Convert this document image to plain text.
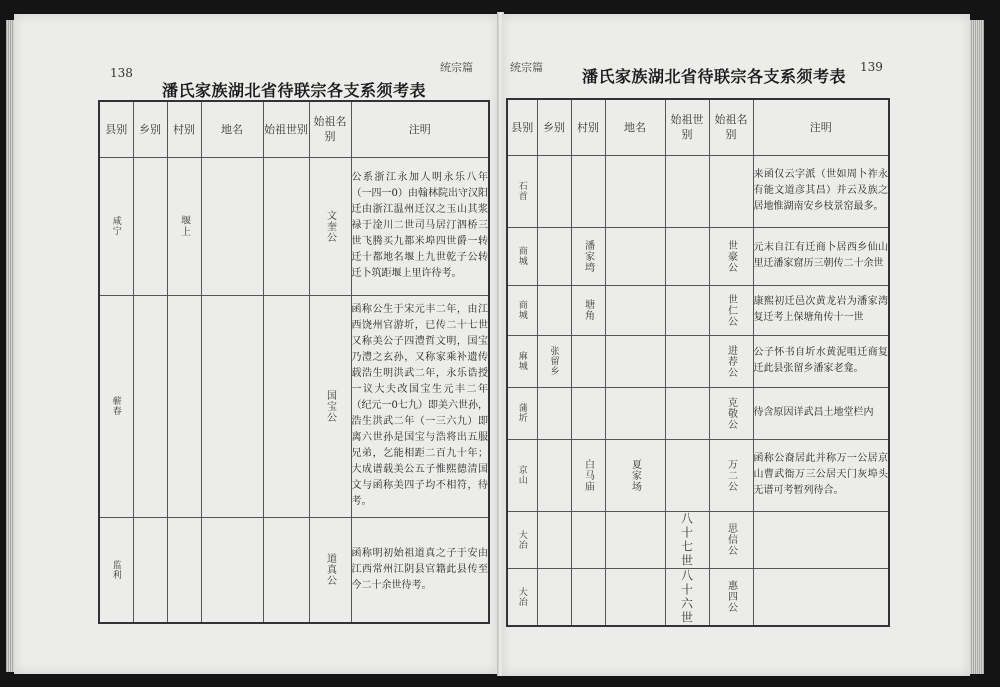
138
潘氏家族湖北省待联宗各支系须考表
统宗篇
县别	乡别	村别	地名	始祖世别	始祖名别	注明

咸宁		堰上			文奎公	公系浙江永加人明永乐八年（一四一0）由翰林院出守汉阳迁由浙江温州迁汉之玉山其浆禄于淦川二世司马居汀泗桥三世飞腾买九都米埠四世爵一转迁十都地名堰上九世乾子公转迁卜筑距堰上里许待考。

蕲春					国宝公	函称公生于宋元丰二年，由江西饶州官游圻，已传二十七世又称美公子四澧哲文明，国宝乃澧之玄孙，又称家乘补遗传 载浩生明洪武二年，永乐诰授一议大夫改国宝生元丰二年（纪元一0七九）即美六世孙，浩生洪武二年（一三六九）即离六世孙是国宝与浩将出五服兄弟，乞能相距二百九十年；大成谱载美公五子惟熙德清国文与函称美四子均不相符，待考。

监利					道真公	函称明初始祖道真之子于安由江西常州江阴县官籍此县传至今二十余世待考。
统宗篇 潘氏家族湖北省待联宗各支系须考表 139
县别	乡别	村别	地名	始祖世别	始祖名别	注明

石首						来函仅云字派（世如周卜祚永有能文道彦其昌）并云及族之居地惟湖南安乡枝景窑最多。

商城		潘家塆			世豪公	元末自江有迁商卜居西乡仙山里迁潘家窟历三朝传二十余世

商城		塘角			世仁公	康熙初迁邑次黄龙岩为潘家湾复迁考上保塘角传十一世

麻城	张留乡				进荐公	公子怀书自圻水黄泥咀迁商复迁此县张留乡潘家老龛。

蒲圻					克敬公	待含原因详武昌土地堂栏内

京山		白马庙	夏家场		万二公	函称公裔居此并称万一公居京山曹武衙万三公居天门灰埠头无谱可考暂列待合。

大冶				八十七世	思信公	

大冶				八十六世	惠四公	
